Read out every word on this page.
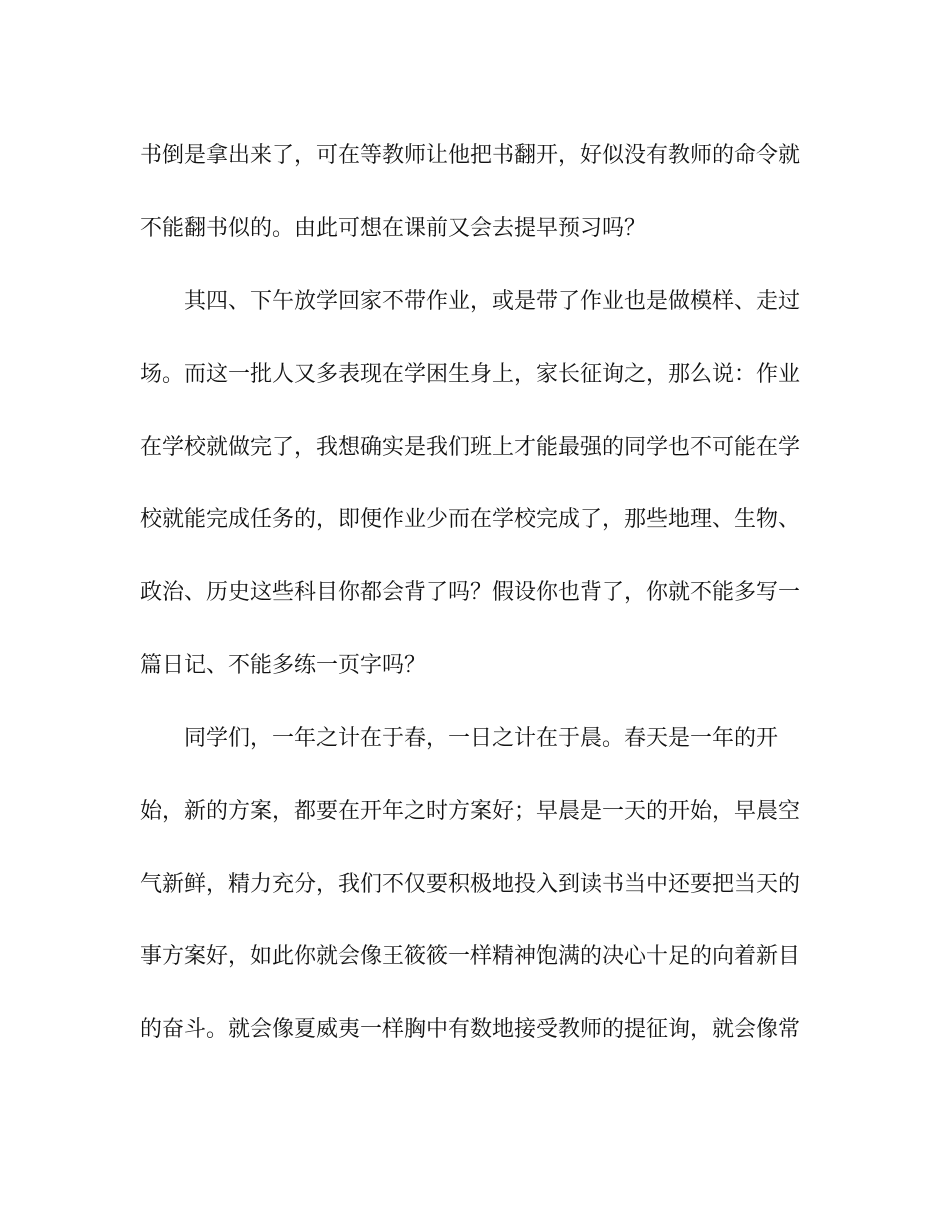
书倒是拿出来了，可在等教师让他把书翻开，好似没有教师的命令就

不能翻书似的。由此可想在课前又会去提早预习吗？

其四、下午放学回家不带作业，或是带了作业也是做模样、走过

场。而这一批人又多表现在学困生身上，家长征询之，那么说：作业

在学校就做完了，我想确实是我们班上才能最强的同学也不可能在学

校就能完成任务的，即便作业少而在学校完成了，那些地理、生物、

政治、历史这些科目你都会背了吗？假设你也背了，你就不能多写一

篇日记、不能多练一页字吗？

同学们，一年之计在于春，一日之计在于晨。春天是一年的开

始，新的方案，都要在开年之时方案好；早晨是一天的开始，早晨空

气新鲜，精力充分，我们不仅要积极地投入到读书当中还要把当天的

事方案好，如此你就会像王筱筱一样精神饱满的决心十足的向着新目

的奋斗。就会像夏威夷一样胸中有数地接受教师的提征询，就会像常
